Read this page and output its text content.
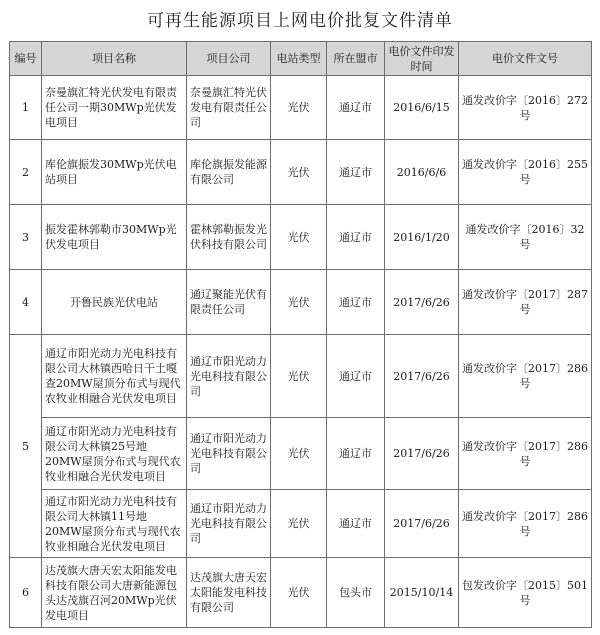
可再生能源项目上网电价批复文件清单
编号	项目名称	项目公司	电站类型	所在盟市	电价文件印发时间	电价文件文号
1	奈曼旗汇特光伏发电有限责任公司一期30MWp光伏发电项目	奈曼旗汇特光伏发电有限责任公司	光伏	通辽市	2016/6/15	通发改价字〔2016〕272号
2	库伦旗振发30MWp光伏电站项目	库伦旗振发能源有限公司	光伏	通辽市	2016/6/6	通发改价字〔2016〕255号
3	振发霍林郭勒市30MWp光伏发电项目	霍林郭勒振发光伏科技有限公司	光伏	通辽市	2016/1/20	通发改价字〔2016〕32号
4	开鲁民族光伏电站	通辽聚能光伏有限责任公司	光伏	通辽市	2017/6/26	通发改价字〔2017〕287号
5	通辽市阳光动力光电科技有限公司大林镇西哈日干土嘎查20MW屋顶分布式与现代农牧业相融合光伏发电项目	通辽市阳光动力光电科技有限公司	光伏	通辽市	2017/6/26	通发改价字〔2017〕286号
	通辽市阳光动力光电科技有限公司大林镇25号地20MW屋顶分布式与现代农牧业相融合光伏发电项目	通辽市阳光动力光电科技有限公司	光伏	通辽市	2017/6/26	通发改价字〔2017〕286号
	通辽市阳光动力光电科技有限公司大林镇11号地20MW屋顶分布式与现代农牧业相融合光伏发电项目	通辽市阳光动力光电科技有限公司	光伏	通辽市	2017/6/26	通发改价字〔2017〕286号
6	达茂旗大唐天宏太阳能发电科技有限公司大唐新能源包头达茂旗召河20MWp光伏发电项目	达茂旗大唐天宏太阳能发电科技有限公司	光伏	包头市	2015/10/14	包发改价字〔2015〕501号
